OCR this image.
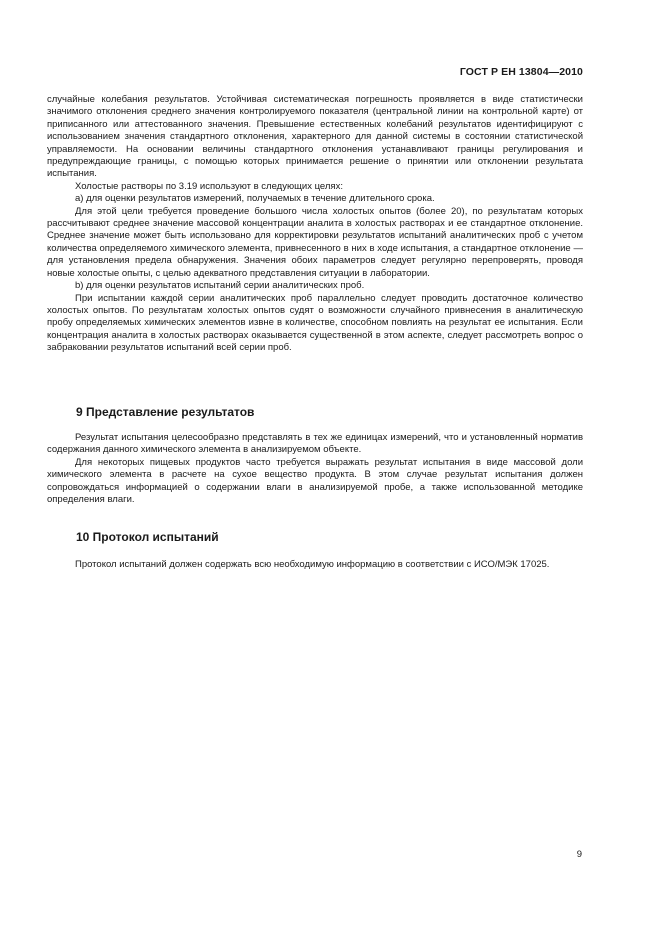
ГОСТ Р ЕН 13804—2010

случайные колебания результатов. Устойчивая систематическая погрешность проявляется в виде статистически значимого отклонения среднего значения контролируемого показателя (центральной линии на контрольной карте) от приписанного или аттестованного значения. Превышение естественных колебаний результатов идентифицируют с использованием значения стандартного отклонения, характерного для данной системы в состоянии статистической управляемости. На основании величины стандартного отклонения устанавливают границы регулирования и предупреждающие границы, с помощью которых принимается решение о принятии или отклонении результата испытания.

Холостые растворы по 3.19 используют в следующих целях:

а) для оценки результатов измерений, получаемых в течение длительного срока.

Для этой цели требуется проведение большого числа холостых опытов (более 20), по результатам которых рассчитывают среднее значение массовой концентрации аналита в холостых растворах и ее стандартное отклонение. Среднее значение может быть использовано для корректировки результатов испытаний аналитических проб с учетом количества определяемого химического элемента, привнесенного в них в ходе испытания, а стандартное отклонение — для установления предела обнаружения. Значения обоих параметров следует регулярно перепроверять, проводя новые холостые опыты, с целью адекватного представления ситуации в лаборатории.

b) для оценки результатов испытаний серии аналитических проб.

При испытании каждой серии аналитических проб параллельно следует проводить достаточное количество холостых опытов. По результатам холостых опытов судят о возможности случайного привнесения в аналитическую пробу определяемых химических элементов извне в количестве, способном повлиять на результат ее испытания. Если концентрация аналита в холостых растворах оказывается существенной в этом аспекте, следует рассмотреть вопрос о забраковании результатов испытаний всей серии проб.

9 Представление результатов

Результат испытания целесообразно представлять в тех же единицах измерений, что и установленный норматив содержания данного химического элемента в анализируемом объекте.

Для некоторых пищевых продуктов часто требуется выражать результат испытания в виде массовой доли химического элемента в расчете на сухое вещество продукта. В этом случае результат испытания должен сопровождаться информацией о содержании влаги в анализируемой пробе, а также использованной методике определения влаги.

10 Протокол испытаний

Протокол испытаний должен содержать всю необходимую информацию в соответствии с ИСО/МЭК 17025.

9
